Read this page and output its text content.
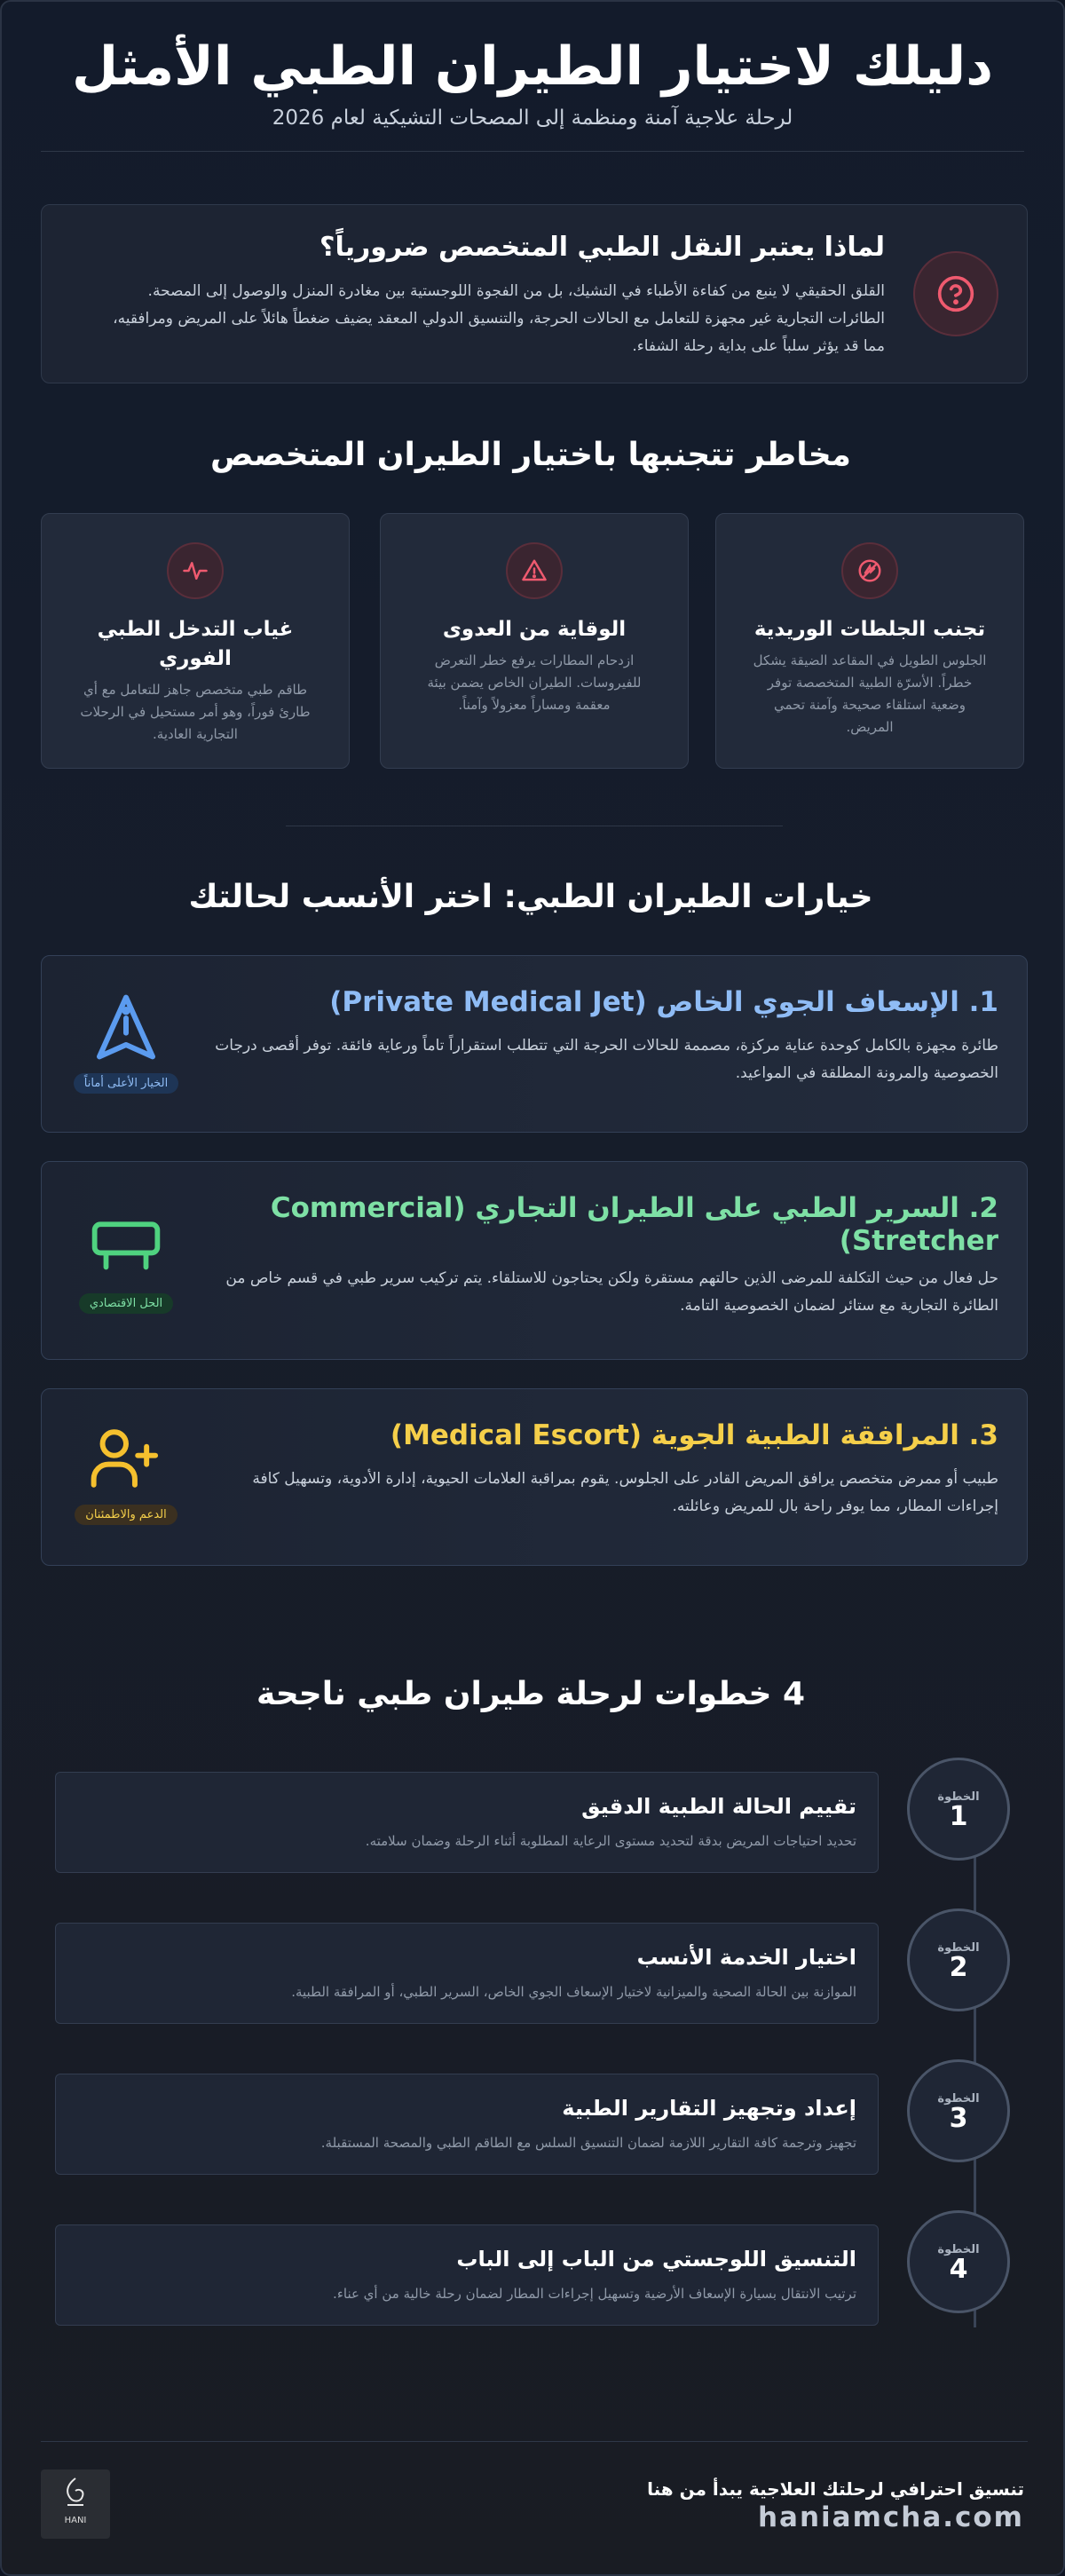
دليلك لاختيار الطيران الطبي الأمثل
لرحلة علاجية آمنة ومنظمة إلى المصحات التشيكية لعام 2026
لماذا يعتبر النقل الطبي المتخصص ضرورياً؟

القلق الحقيقي لا ينبع من كفاءة الأطباء في التشيك، بل من الفجوة اللوجستية بين مغادرة المنزل والوصول إلى المصحة. الطائرات التجارية غير مجهزة للتعامل مع الحالات الحرجة، والتنسيق الدولي المعقد يضيف ضغطاً هائلاً على المريض ومرافقيه، مما قد يؤثر سلباً على بداية رحلة الشفاء.

مخاطر تتجنبها باختيار الطيران المتخصص
تجنب الجلطات الوريدية

الجلوس الطويل في المقاعد الضيقة يشكل خطراً. الأسرّة الطبية المتخصصة توفر وضعية استلقاء صحيحة وآمنة تحمي المريض.

الوقاية من العدوى

ازدحام المطارات يرفع خطر التعرض للفيروسات. الطيران الخاص يضمن بيئة معقمة ومساراً معزولاً وآمناً.

غياب التدخل الطبي الفوري

طاقم طبي متخصص جاهز للتعامل مع أي طارئ فوراً، وهو أمر مستحيل في الرحلات التجارية العادية.

خيارات الطيران الطبي: اختر الأنسب لحالتك
1. الإسعاف الجوي الخاص (Private Medical Jet)

طائرة مجهزة بالكامل كوحدة عناية مركزة، مصممة للحالات الحرجة التي تتطلب استقراراً تاماً ورعاية فائقة. توفر أقصى درجات الخصوصية والمرونة المطلقة في المواعيد.

الخيار الأعلى أماناً
2. السرير الطبي على الطيران التجاري (Commercial Stretcher)

حل فعال من حيث التكلفة للمرضى الذين حالتهم مستقرة ولكن يحتاجون للاستلقاء. يتم تركيب سرير طبي في قسم خاص من الطائرة التجارية مع ستائر لضمان الخصوصية التامة.

الحل الاقتصادي
3. المرافقة الطبية الجوية (Medical Escort)

طبيب أو ممرض متخصص يرافق المريض القادر على الجلوس. يقوم بمراقبة العلامات الحيوية، إدارة الأدوية، وتسهيل كافة إجراءات المطار، مما يوفر راحة بال للمريض وعائلته.

الدعم والاطمئنان
4 خطوات لرحلة طيران طبي ناجحة
تقييم الحالة الطبية الدقيق

تحديد احتياجات المريض بدقة لتحديد مستوى الرعاية المطلوبة أثناء الرحلة وضمان سلامته.

الخطوة
1
اختيار الخدمة الأنسب

الموازنة بين الحالة الصحية والميزانية لاختيار الإسعاف الجوي الخاص، السرير الطبي، أو المرافقة الطبية.

الخطوة
2
إعداد وتجهيز التقارير الطبية

تجهيز وترجمة كافة التقارير اللازمة لضمان التنسيق السلس مع الطاقم الطبي والمصحة المستقبلة.

الخطوة
3
التنسيق اللوجستي من الباب إلى الباب

ترتيب الانتقال بسيارة الإسعاف الأرضية وتسهيل إجراءات المطار لضمان رحلة خالية من أي عناء.

الخطوة
4
HANI
تنسيق احترافي لرحلتك العلاجية يبدأ من هنا
haniamcha.com
